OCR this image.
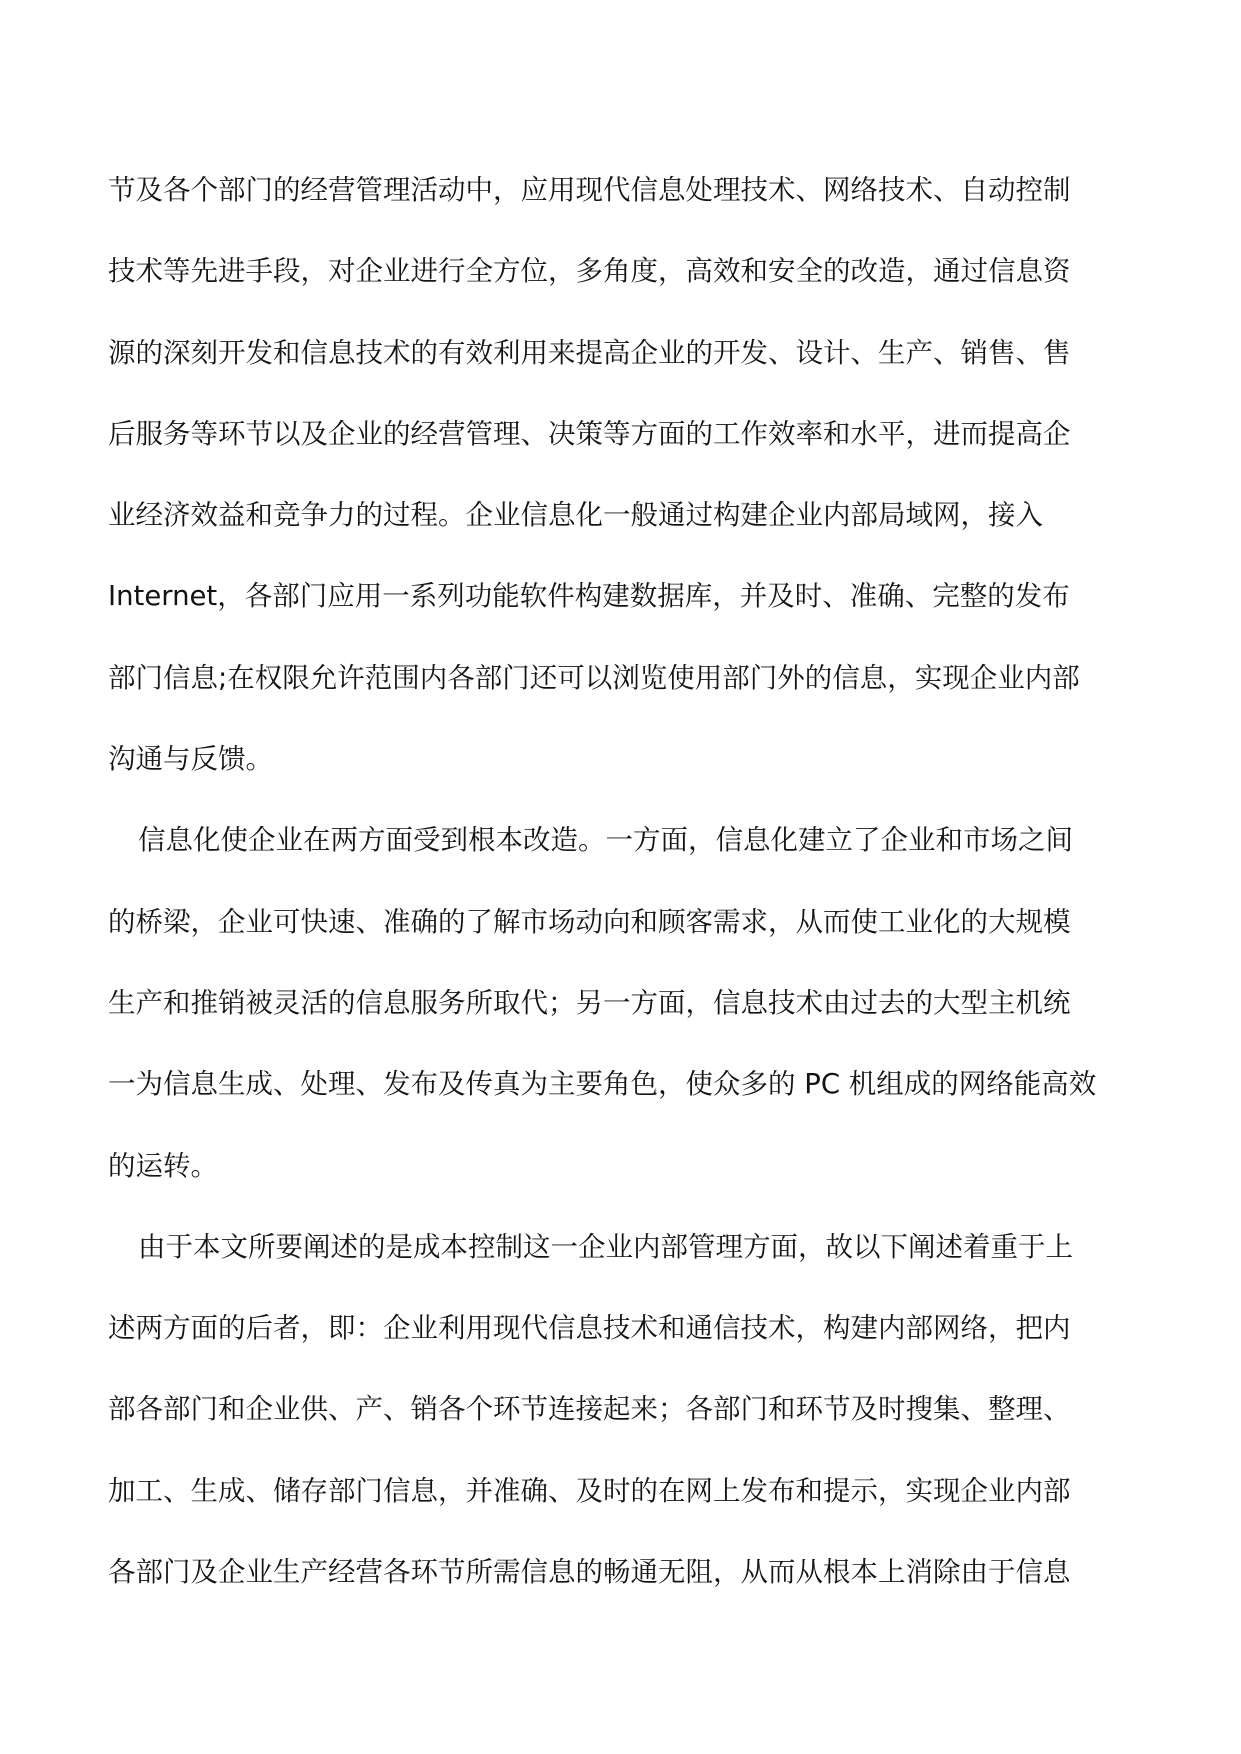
节及各个部门的经营管理活动中，应用现代信息处理技术、网络技术、自动控制
技术等先进手段，对企业进行全方位，多角度，高效和安全的改造，通过信息资
源的深刻开发和信息技术的有效利用来提高企业的开发、设计、生产、销售、售
后服务等环节以及企业的经营管理、决策等方面的工作效率和水平，进而提高企
业经济效益和竞争力的过程。企业信息化一般通过构建企业内部局域网，接入
Internet，各部门应用一系列功能软件构建数据库，并及时、准确、完整的发布
部门信息;在权限允许范围内各部门还可以浏览使用部门外的信息，实现企业内部
沟通与反馈。
信息化使企业在两方面受到根本改造。一方面，信息化建立了企业和市场之间
的桥梁，企业可快速、准确的了解市场动向和顾客需求，从而使工业化的大规模
生产和推销被灵活的信息服务所取代；另一方面，信息技术由过去的大型主机统
一为信息生成、处理、发布及传真为主要角色，使众多的 PC 机组成的网络能高效
的运转。
由于本文所要阐述的是成本控制这一企业内部管理方面，故以下阐述着重于上
述两方面的后者，即：企业利用现代信息技术和通信技术，构建内部网络，把内
部各部门和企业供、产、销各个环节连接起来；各部门和环节及时搜集、整理、
加工、生成、储存部门信息，并准确、及时的在网上发布和提示，实现企业内部
各部门及企业生产经营各环节所需信息的畅通无阻，从而从根本上消除由于信息
